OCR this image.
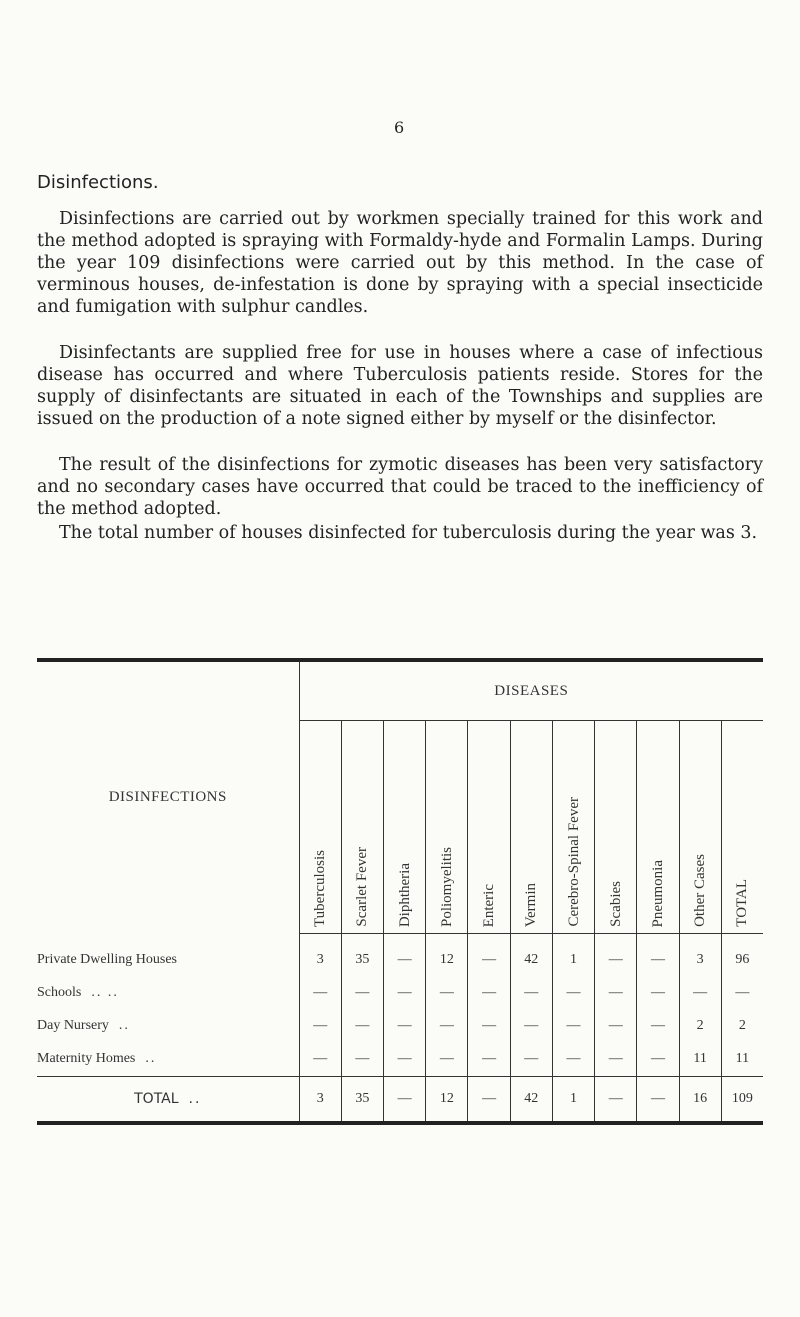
6
Disinfections.

Disinfections are carried out by workmen specially trained for this work and the method adopted is spraying with Formaldy-hyde and Formalin Lamps. During the year 109 disinfections were carried out by this method. In the case of verminous houses, de-infestation is done by spraying with a special insecticide and fumigation with sulphur candles.

Disinfectants are supplied free for use in houses where a case of infectious disease has occurred and where Tuberculosis patients reside. Stores for the supply of disinfectants are situated in each of the Townships and supplies are issued on the production of a note signed either by myself or the disinfector.

The result of the disinfections for zymotic diseases has been very satisfactory and no secondary cases have occurred that could be traced to the inefficiency of the method adopted.

The total number of houses disinfected for tuberculosis during the year was 3.

DISINFECTIONS	DISEASES										

	Tuberculosis	Scarlet Fever	Diphtheria	Poliomyelitis	Enteric	Vermin	Cerebro-Spinal Fever	Scabies	Pneumonia	Other Cases	TOTAL

Private Dwelling Houses	3	35	—	12	—	42	1	—	—	3	96
Schools .. ..	—	—	—	—	—	—	—	—	—	—	—
Day Nursery ..	—	—	—	—	—	—	—	—	—	2	2
Maternity Homes ..	—	—	—	—	—	—	—	—	—	11	11
TOTAL ..	3	35	—	12	—	42	1	—	—	16	109
